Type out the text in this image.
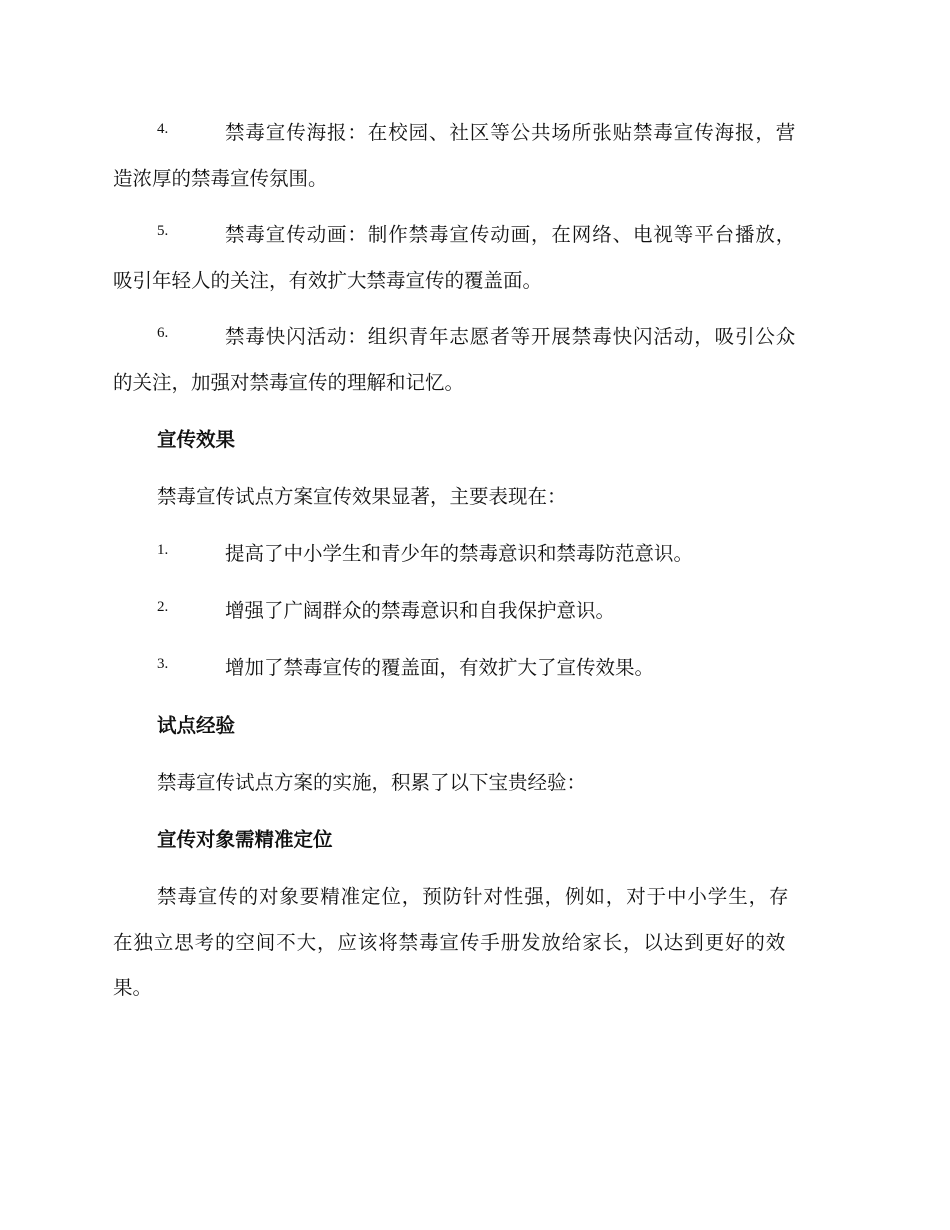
4.	禁毒宣传海报：在校园、社区等公共场所张贴禁毒宣传海报，营
造浓厚的禁毒宣传氛围。
5.	禁毒宣传动画：制作禁毒宣传动画，在网络、电视等平台播放，
吸引年轻人的关注，有效扩大禁毒宣传的覆盖面。
6.	禁毒快闪活动：组织青年志愿者等开展禁毒快闪活动，吸引公众
的关注，加强对禁毒宣传的理解和记忆。
宣传效果
禁毒宣传试点方案宣传效果显著，主要表现在：
1.	提高了中小学生和青少年的禁毒意识和禁毒防范意识。
2.	增强了广阔群众的禁毒意识和自我保护意识。
3.	增加了禁毒宣传的覆盖面，有效扩大了宣传效果。
试点经验
禁毒宣传试点方案的实施，积累了以下宝贵经验：
宣传对象需精准定位
禁毒宣传的对象要精准定位，预防针对性强，例如，对于中小学生，存
在独立思考的空间不大，应该将禁毒宣传手册发放给家长，以达到更好的效
果。
